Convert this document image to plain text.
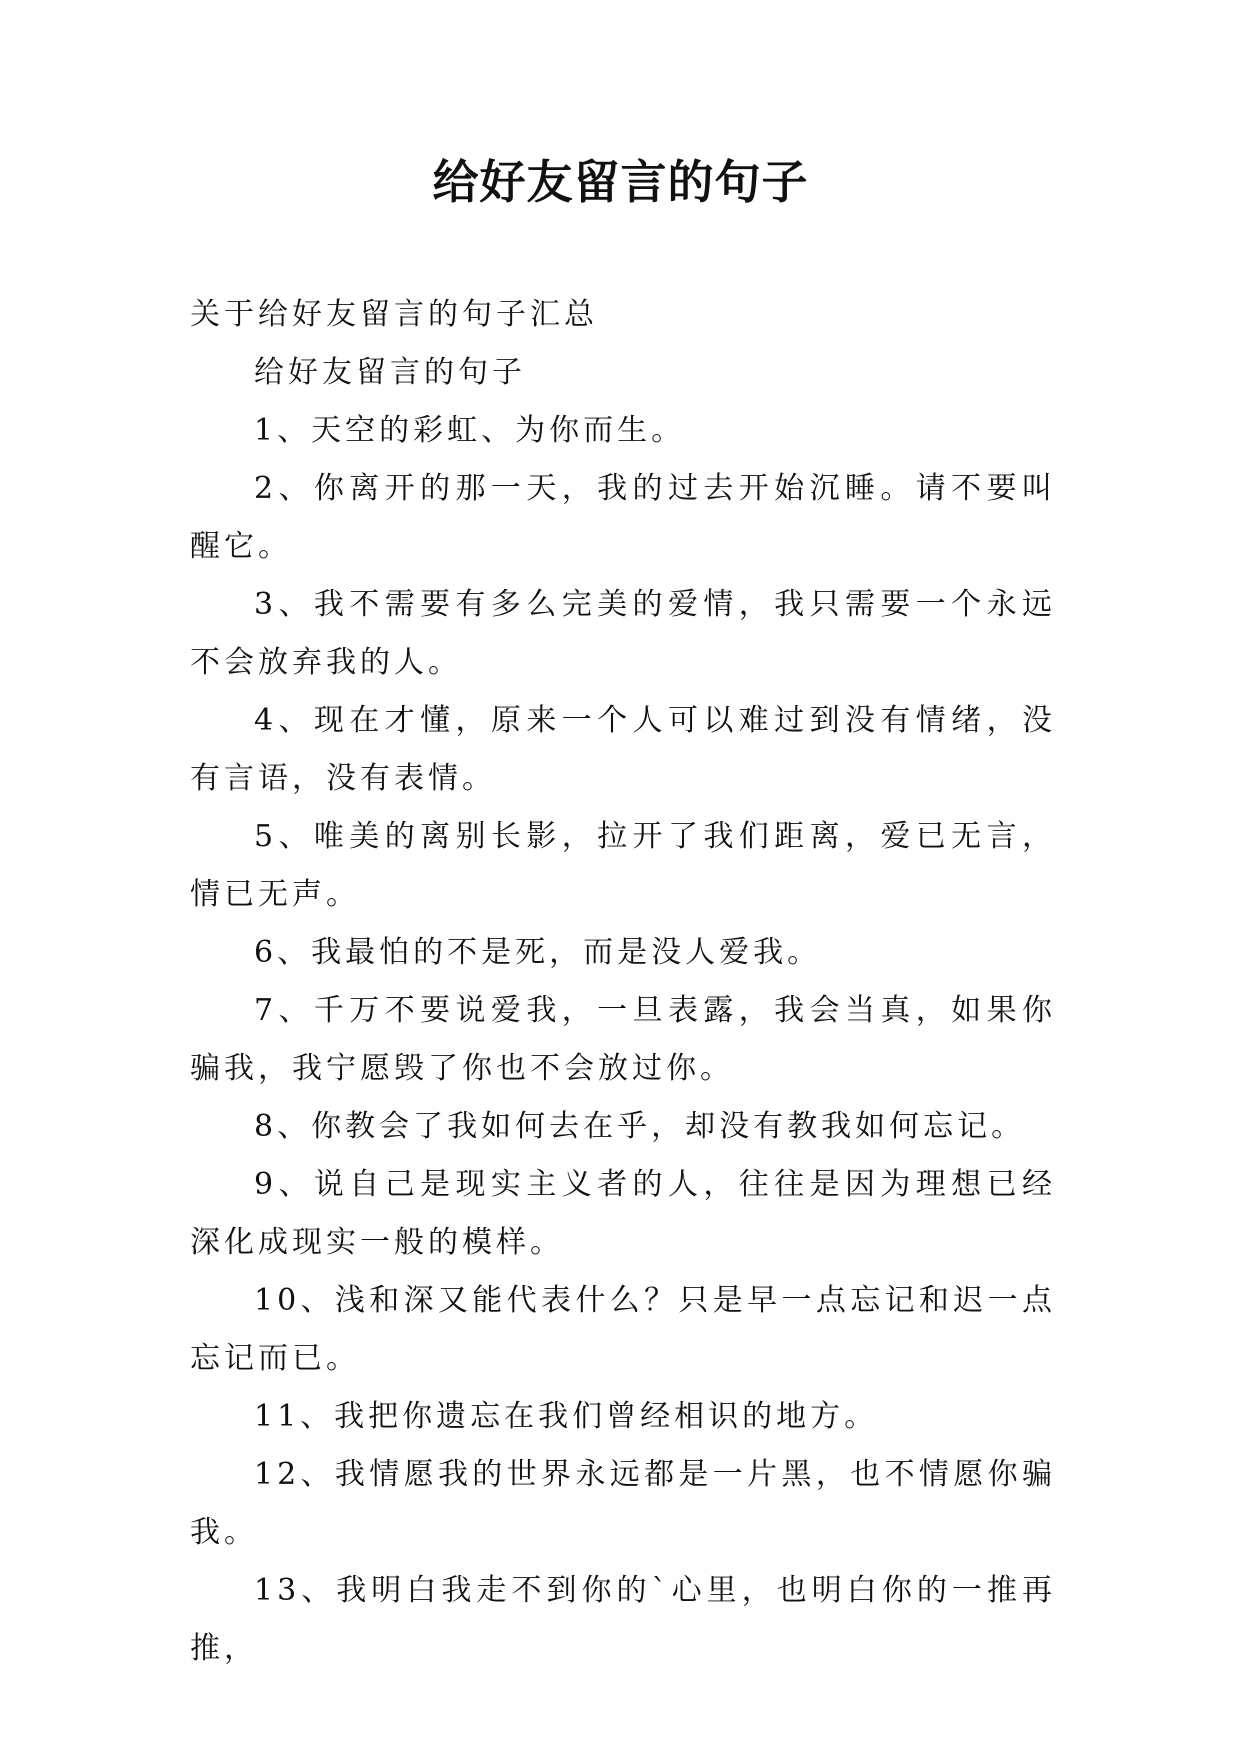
给好友留言的句子

关于给好友留言的句子汇总

给好友留言的句子

1、天空的彩虹、为你而生。

2、你离开的那一天，我的过去开始沉睡。请不要叫醒它。

3、我不需要有多么完美的爱情，我只需要一个永远不会放弃我的人。

4、现在才懂，原来一个人可以难过到没有情绪，没有言语，没有表情。

5、唯美的离别长影，拉开了我们距离，爱已无言，情已无声。

6、我最怕的不是死，而是没人爱我。

7、千万不要说爱我，一旦表露，我会当真，如果你骗我，我宁愿毁了你也不会放过你。

8、你教会了我如何去在乎，却没有教我如何忘记。

9、说自己是现实主义者的人，往往是因为理想已经深化成现实一般的模样。

10、浅和深又能代表什么？只是早一点忘记和迟一点忘记而已。

11、我把你遗忘在我们曾经相识的地方。

12、我情愿我的世界永远都是一片黑，也不情愿你骗我。

13、我明白我走不到你的`心里，也明白你的一推再推，
